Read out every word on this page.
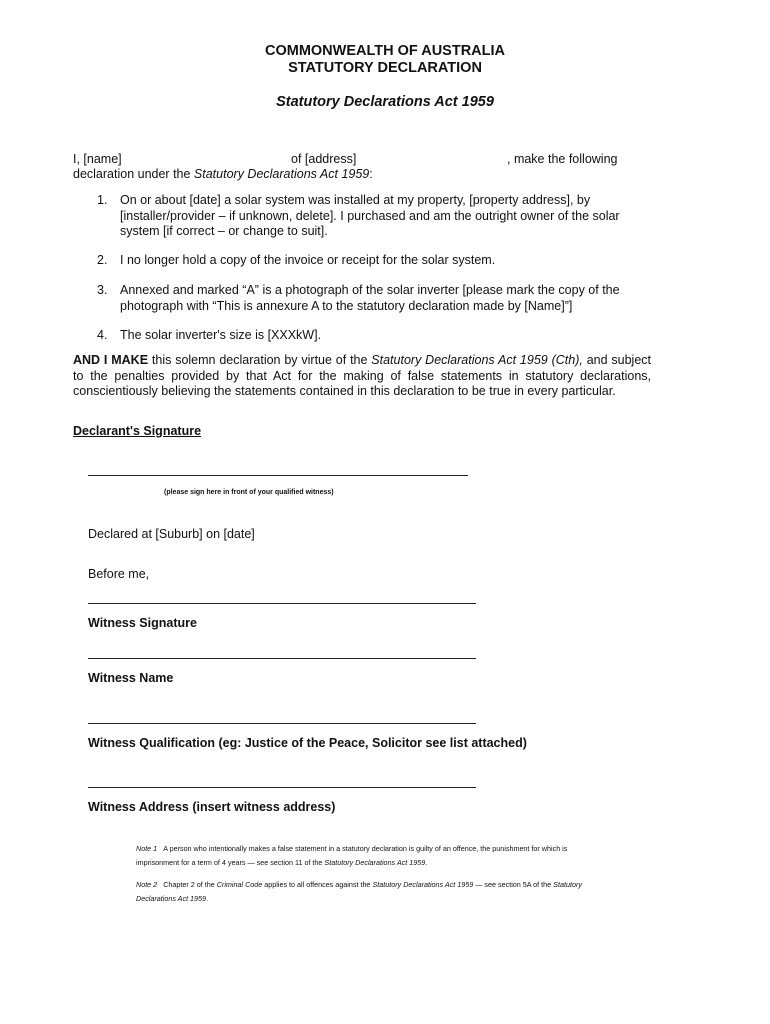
COMMONWEALTH OF AUSTRALIA
STATUTORY DECLARATION
Statutory Declarations Act 1959
I, [name]	of [address]	, make the following
declaration under the Statutory Declarations Act 1959:
1. On or about [date] a solar system was installed at my property, [property address], by [installer/provider – if unknown, delete]. I purchased and am the outright owner of the solar system [if correct – or change to suit].
2. I no longer hold a copy of the invoice or receipt for the solar system.
3. Annexed and marked “A” is a photograph of the solar inverter [please mark the copy of the photograph with “This is annexure A to the statutory declaration made by [Name]”]
4. The solar inverter's size is [XXXkW].
AND I MAKE this solemn declaration by virtue of the Statutory Declarations Act 1959 (Cth), and subject to the penalties provided by that Act for the making of false statements in statutory declarations, conscientiously believing the statements contained in this declaration to be true in every particular.
Declarant's Signature
(please sign here in front of your qualified witness)
Declared at [Suburb] on [date]
Before me,
Witness Signature
Witness Name
Witness Qualification (eg: Justice of the Peace, Solicitor see list attached)
Witness Address (insert witness address)
Note 1 A person who intentionally makes a false statement in a statutory declaration is guilty of an offence, the punishment for which is imprisonment for a term of 4 years — see section 11 of the Statutory Declarations Act 1959.
Note 2 Chapter 2 of the Criminal Code applies to all offences against the Statutory Declarations Act 1959 — see section 5A of the Statutory Declarations Act 1959.
